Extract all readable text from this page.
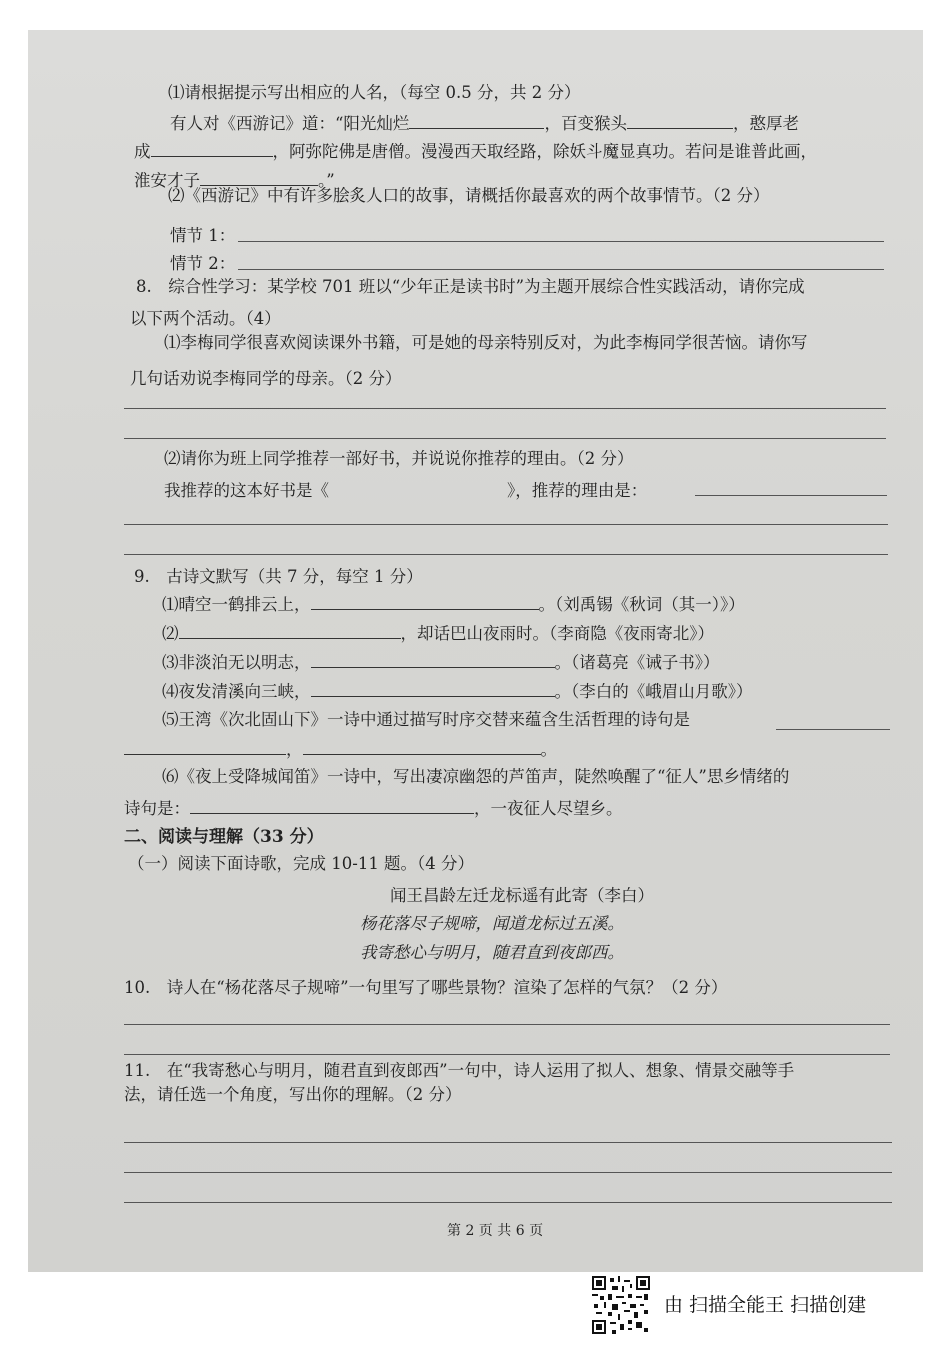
⑴请根据提示写出相应的人名，（每空 0.5 分，共 2 分）
有人对《西游记》道：“阳光灿烂	，百变猴头	，憨厚老
成	，阿弥陀佛是唐僧。漫漫西天取经路，除妖斗魔显真功。若问是谁普此画，
淮安才子	。”
⑵《西游记》中有许多脍炙人口的故事，请概括你最喜欢的两个故事情节。（2 分）
情节 1：
情节 2：
8.　综合性学习：某学校 701 班以“少年正是读书时”为主题开展综合性实践活动，请你完成
以下两个活动。（4）
⑴李梅同学很喜欢阅读课外书籍，可是她的母亲特别反对，为此李梅同学很苦恼。请你写
几句话劝说李梅同学的母亲。（2 分）
⑵请你为班上同学推荐一部好书，并说说你推荐的理由。（2 分）
我推荐的这本好书是《	》，推荐的理由是：
9.　古诗文默写（共 7 分，每空 1 分）
⑴晴空一鹤排云上，	。（刘禹锡《秋词（其一）》）
⑵	，却话巴山夜雨时。（李商隐《夜雨寄北》）
⑶非淡泊无以明志，	。（诸葛亮《诫子书》）
⑷夜发清溪向三峡，	。（李白的《峨眉山月歌》）
⑸王湾《次北固山下》一诗中通过描写时序交替来蕴含生活哲理的诗句是
，	。
⑹《夜上受降城闻笛》一诗中，写出凄凉幽怨的芦笛声，陡然唤醒了“征人”思乡情绪的
诗句是：	，一夜征人尽望乡。
二、阅读与理解（33 分）
（一）阅读下面诗歌，完成 10-11 题。（4 分）
闻王昌龄左迁龙标遥有此寄（李白）
杨花落尽子规啼，闻道龙标过五溪。
我寄愁心与明月，随君直到夜郎西。
10.　诗人在“杨花落尽子规啼”一句里写了哪些景物？渲染了怎样的气氛？（2 分）
11.　在“我寄愁心与明月，随君直到夜郎西”一句中，诗人运用了拟人、想象、情景交融等手
法，请任选一个角度，写出你的理解。（2 分）
第 2 页 共 6 页
由 扫描全能王 扫描创建
